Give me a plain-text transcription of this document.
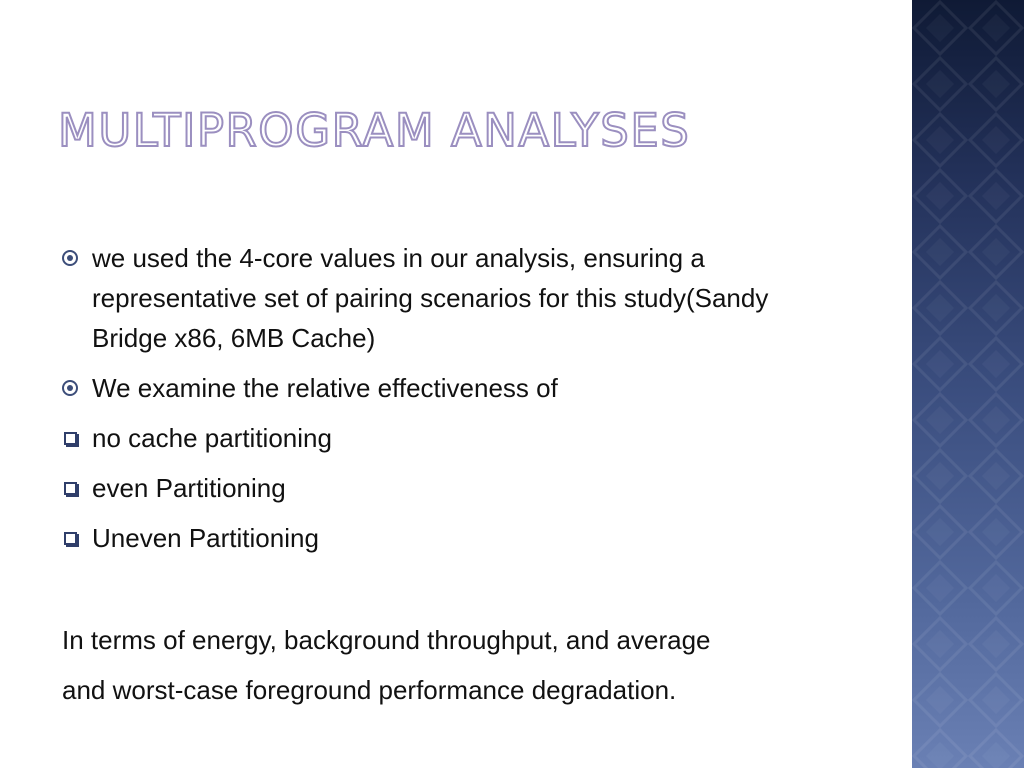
MULTIPROGRAM ANALYSES
we used the 4-core values in our analysis, ensuring a representative set of pairing scenarios for this study(Sandy Bridge x86, 6MB Cache)
We examine the relative effectiveness of
no cache partitioning
even Partitioning
Uneven Partitioning
In terms of energy, background throughput, and average
and worst-case foreground performance degradation.
